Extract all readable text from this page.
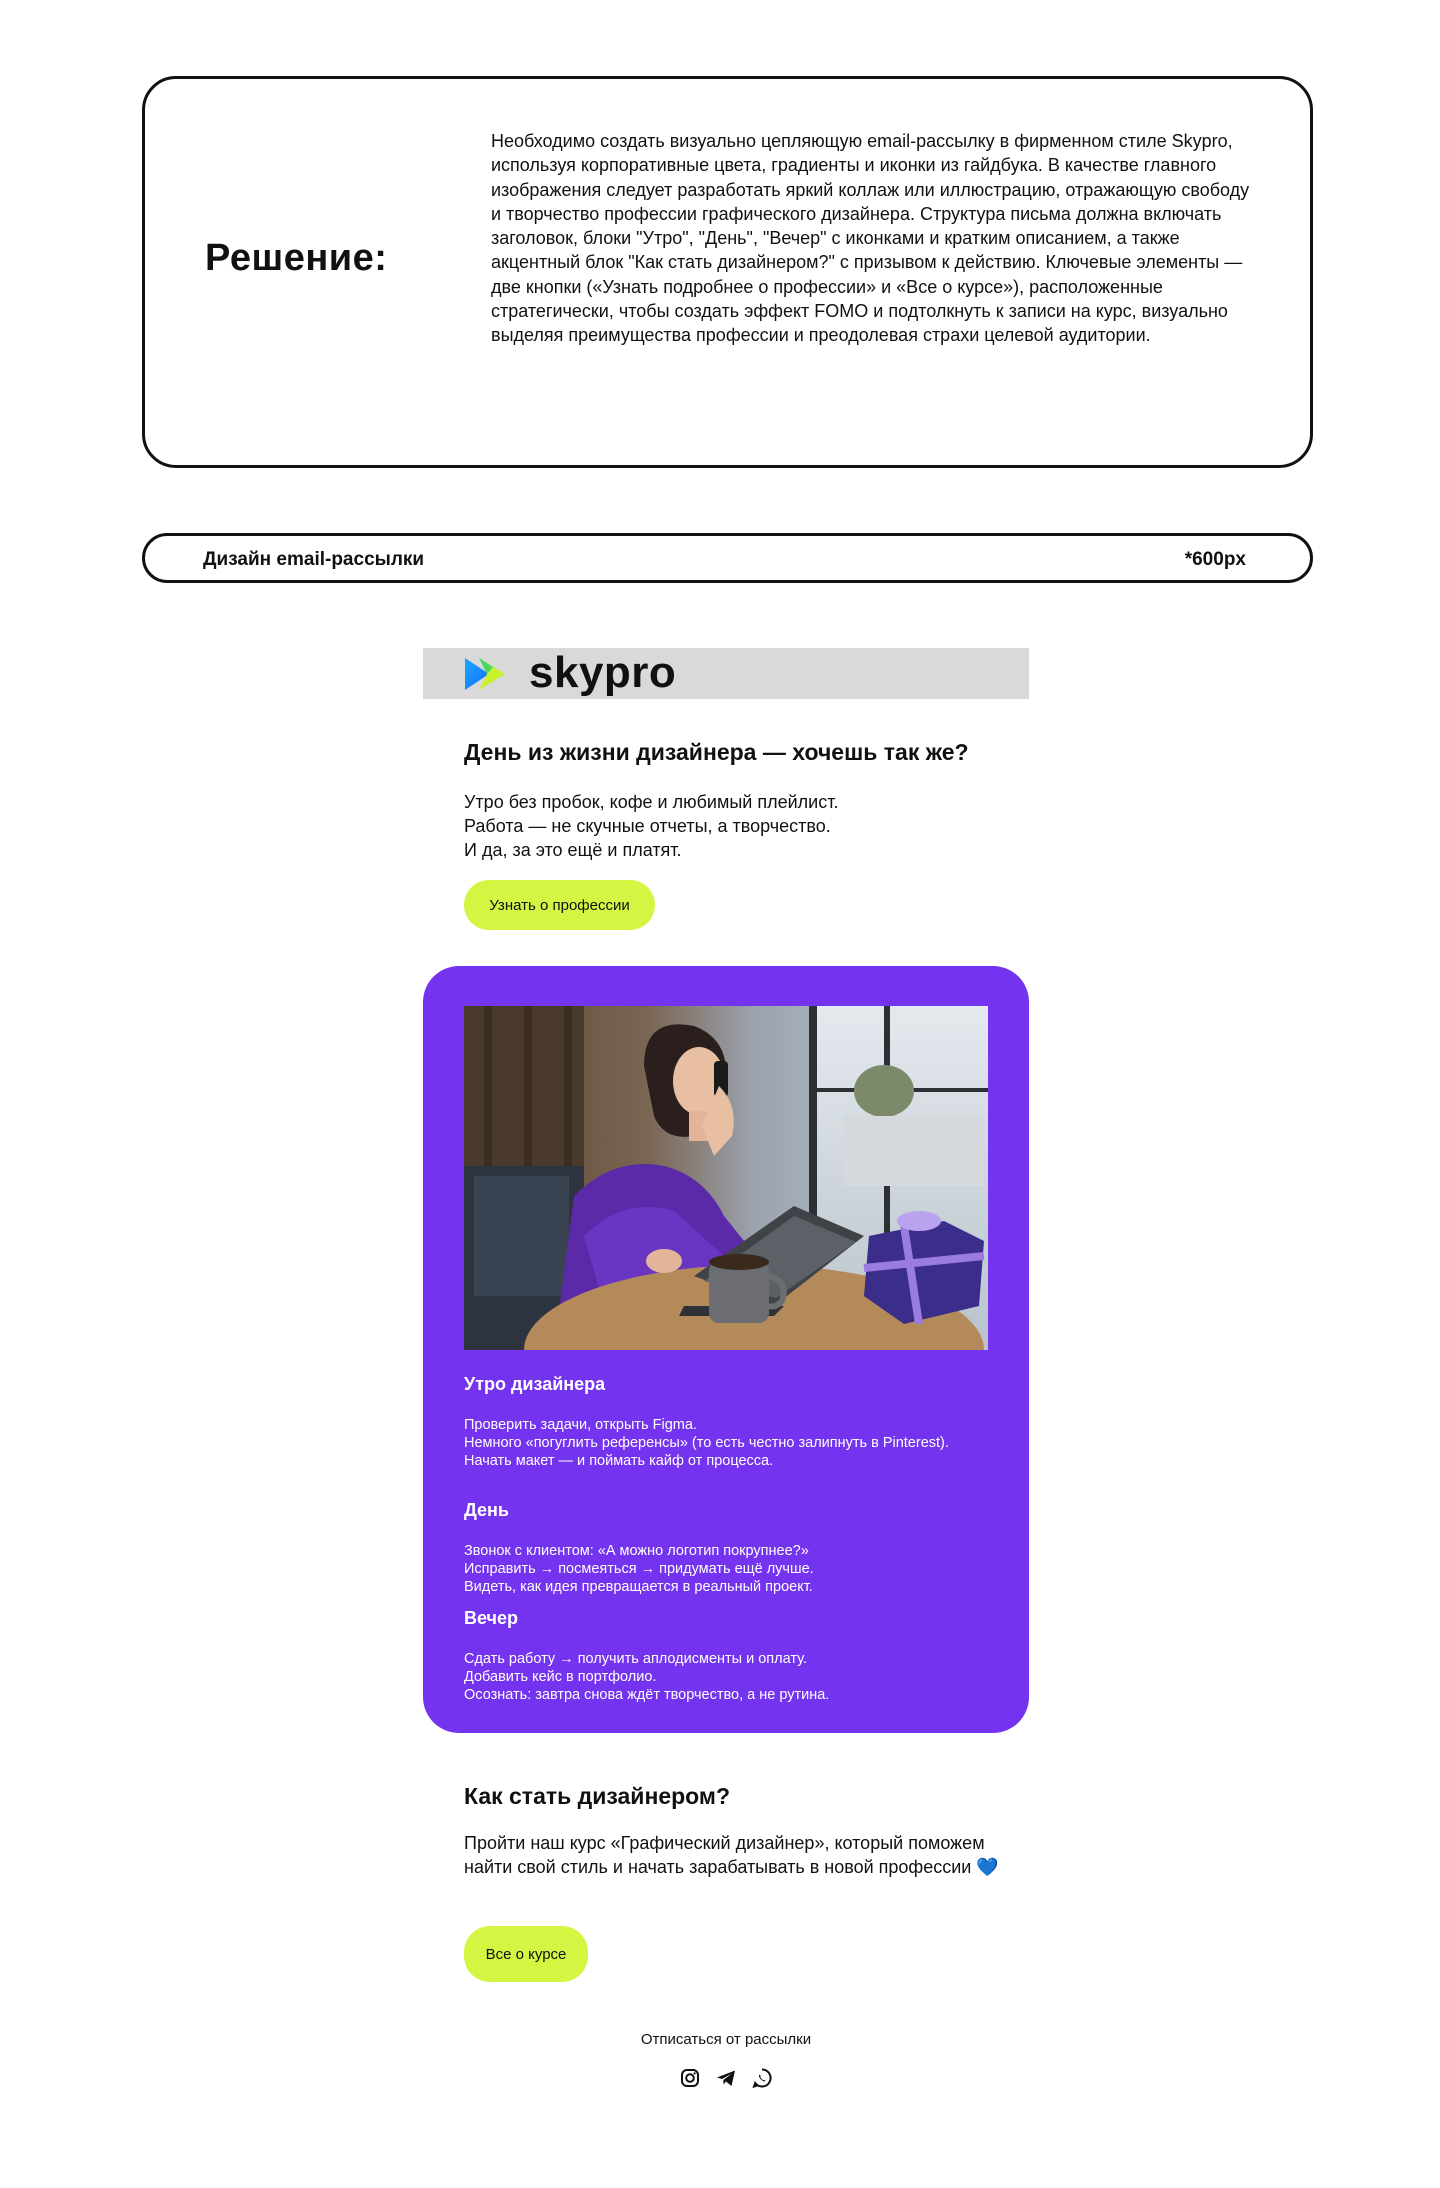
Решение:
Необходимо создать визуально цепляющую email-рассылку в фирменном стиле Skypro, используя корпоративные цвета, градиенты и иконки из гайдбука. В качестве главного изображения следует разработать яркий коллаж или иллюстрацию, отражающую свободу и творчество профессии графического дизайнера. Структура письма должна включать заголовок, блоки "Утро", "День", "Вечер" с иконками и кратким описанием, а также акцентный блок "Как стать дизайнером?" с призывом к действию. Ключевые элементы — две кнопки («Узнать подробнее о профессии» и «Все о курсе»), расположенные стратегически, чтобы создать эффект FOMO и подтолкнуть к записи на курс, визуально выделяя преимущества профессии и преодолевая страхи целевой аудитории.
Дизайн email-рассылки	*600px
skypro
День из жизни дизайнера — хочешь так же?
Утро без пробок, кофе и любимый плейлист.
Работа — не скучные отчеты, а творчество.
И да, за это ещё и платят.
Узнать о профессии
Утро дизайнера
Проверить задачи, открыть Figma.
Немного «погуглить референсы» (то есть честно залипнуть в Pinterest).
Начать макет — и поймать кайф от процесса.
День
Звонок с клиентом: «А можно логотип покрупнее?»
Исправить → посмеяться → придумать ещё лучше.
Видеть, как идея превращается в реальный проект.
Вечер
Сдать работу → получить аплодисменты и оплату.
Добавить кейс в портфолио.
Осознать: завтра снова ждёт творчество, а не рутина.
Как стать дизайнером?
Пройти наш курс «Графический дизайнер», который поможем найти свой стиль и начать зарабатывать в новой профессии 💙
Все о курсе
Отписаться от рассылки
